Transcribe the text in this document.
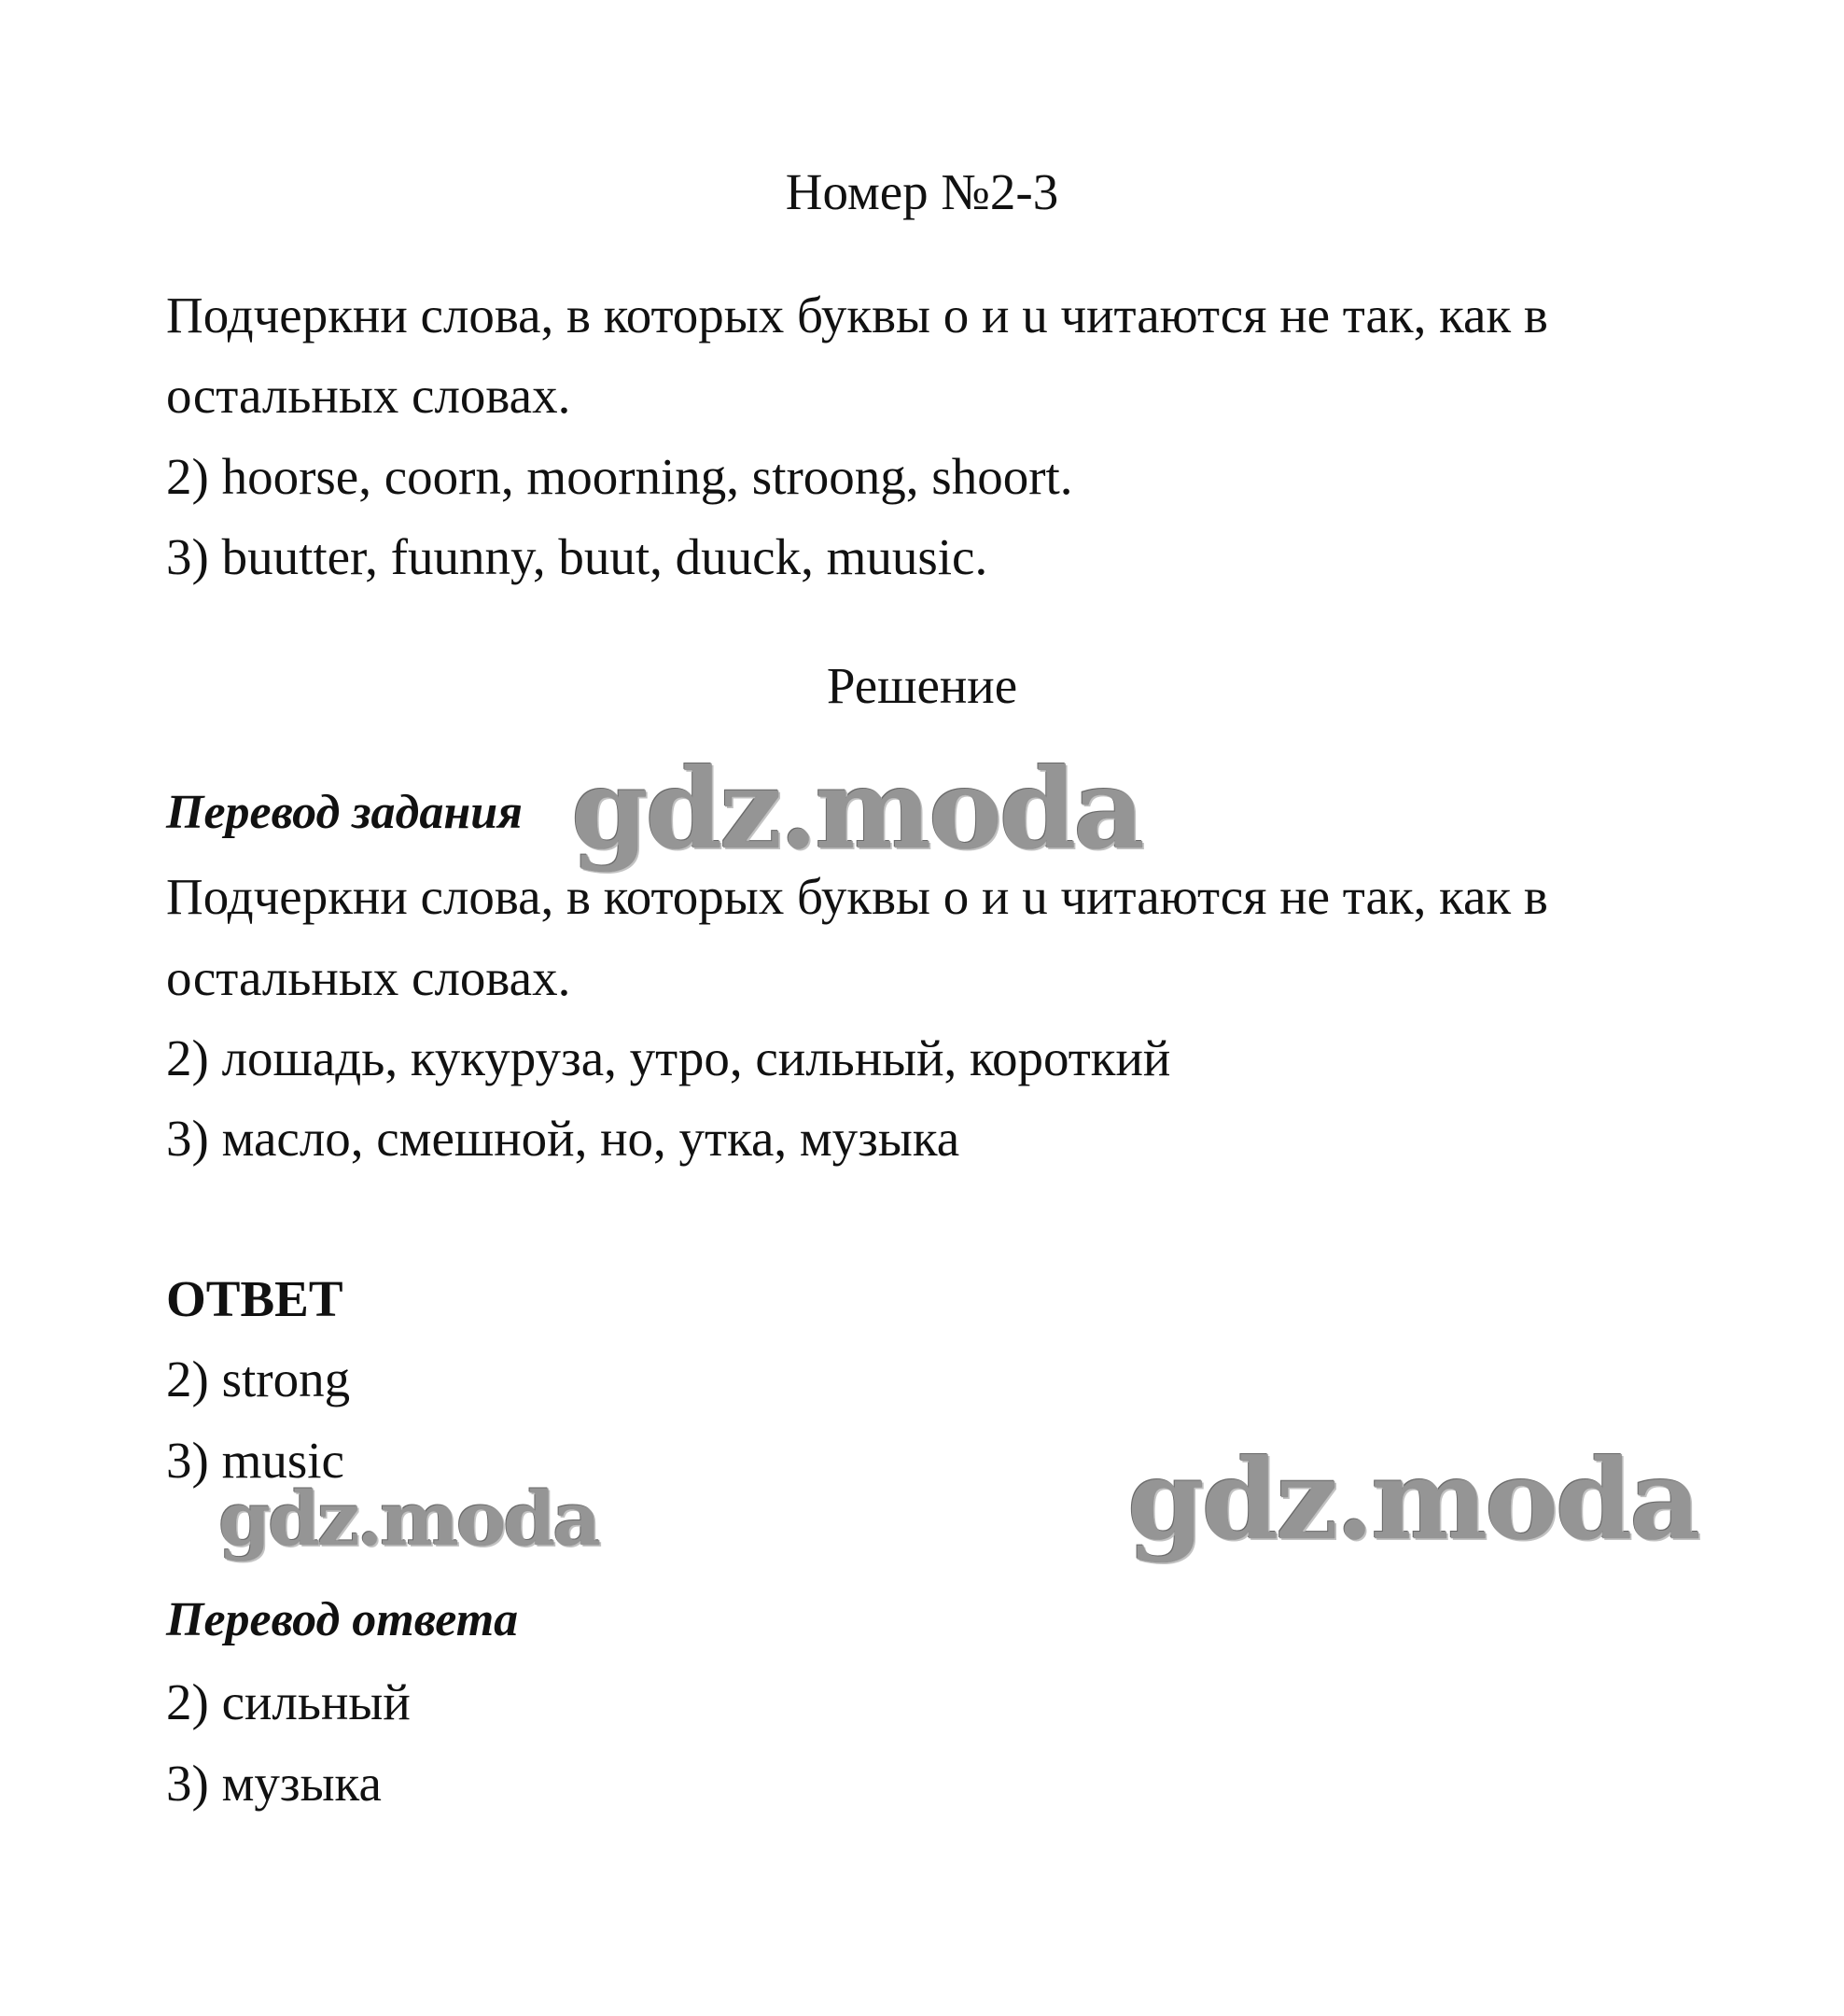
Номер №2-3
Подчеркни слова, в которых буквы o и u читаются не так, как в
остальных словах.
2) hoorse, coorn, moorning, stroong, shoort.
3) buutter, fuunny, buut, duuck, muusic.
Решение
Перевод задания gdz.moda
Подчеркни слова, в которых буквы o и u читаются не так, как в
остальных словах.
2) лошадь, кукуруза, утро, сильный, короткий
3) масло, смешной, но, утка, музыка
ОТВЕТ
2) strong
3) music
gdz.moda	gdz.moda
Перевод ответа
2) сильный
3) музыка
